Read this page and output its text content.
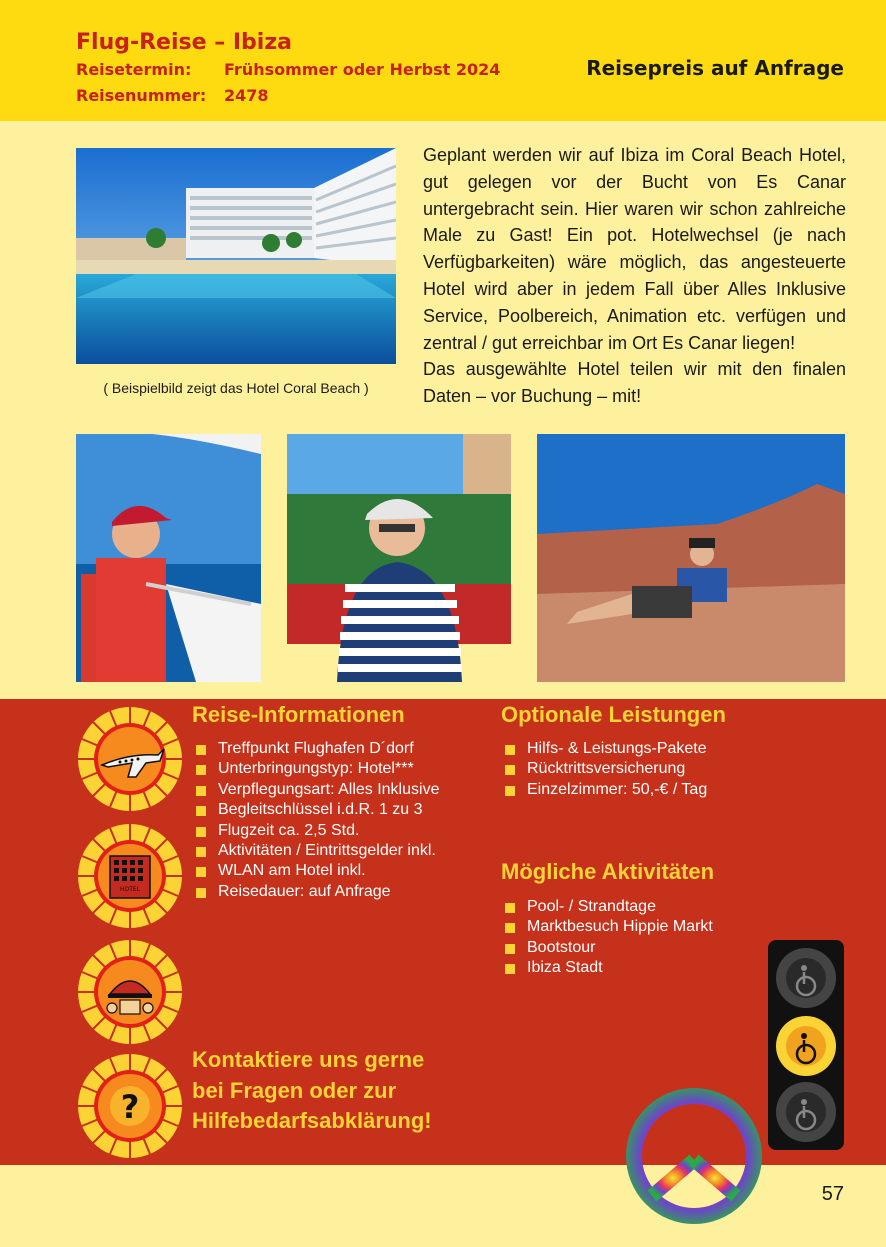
Flug-Reise – Ibiza
Reisetermin: Frühsommer oder Herbst 2024
Reisenummer: 2478
Reisepreis auf Anfrage
( Beispielbild zeigt das Hotel Coral Beach )

Geplant werden wir auf Ibiza im Coral Beach Hotel, gut gelegen vor der Bucht von Es Canar untergebracht sein. Hier waren wir schon zahlreiche Male zu Gast! Ein pot. Hotelwechsel (je nach Verfügbarkeiten) wäre möglich, das angesteuerte Hotel wird aber in jedem Fall über Alles Inklusive Service, Poolbereich, Animation etc. verfügen und zentral / gut erreichbar im Ort Es Canar liegen!

Das ausgewählte Hotel teilen wir mit den finalen Daten – vor Buchung – mit!

HOTEL
?
Reise-Informationen
Treffpunkt Flughafen D´dorf
Unterbringungstyp: Hotel***
Verpflegungsart: Alles Inklusive
Begleitschlüssel i.d.R. 1 zu 3
Flugzeit ca. 2,5 Std.
Aktivitäten / Eintrittsgelder inkl.
WLAN am Hotel inkl.
Reisedauer: auf Anfrage
Optionale Leistungen
Hilfs- & Leistungs-Pakete
Rücktrittsversicherung
Einzelzimmer: 50,-€ / Tag
Mögliche Aktivitäten
Pool- / Strandtage
Marktbesuch Hippie Markt
Bootstour
Ibiza Stadt
Kontaktiere uns gerne
bei Fragen oder zur
Hilfebedarfsabklärung!
57
